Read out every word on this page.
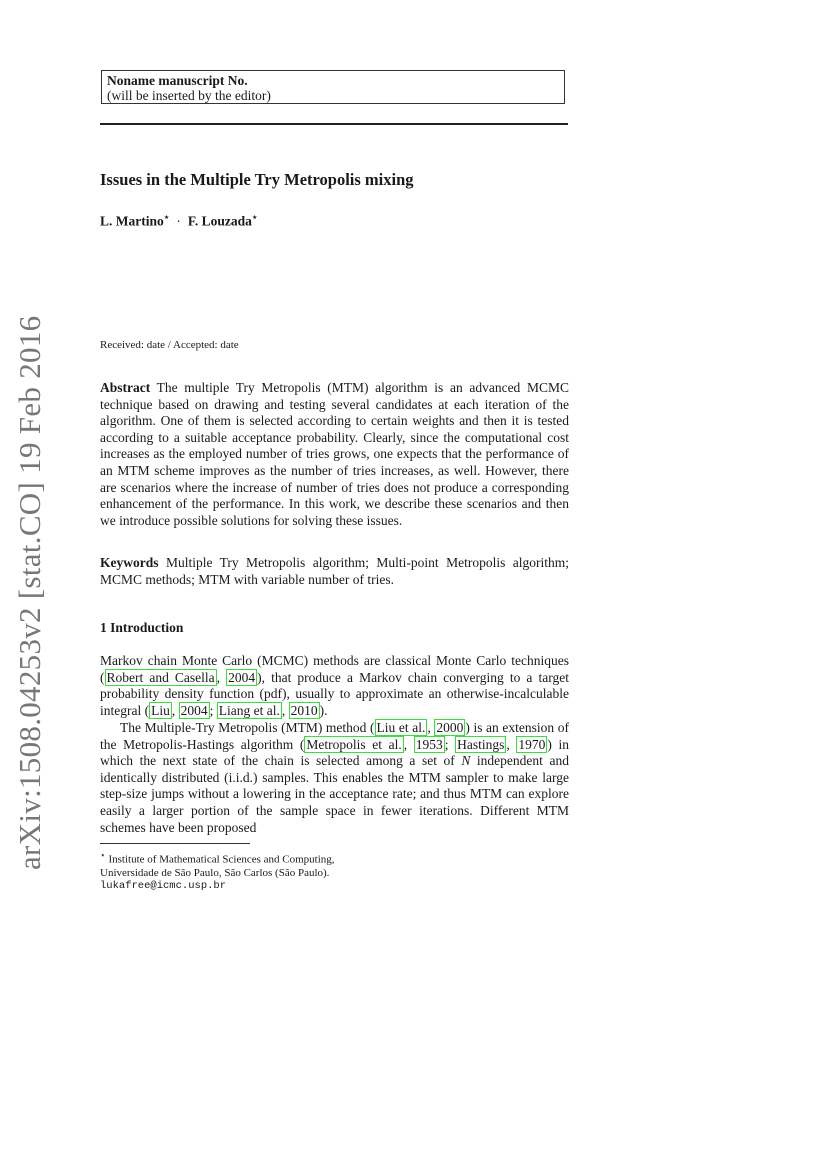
arXiv:1508.04253v2 [stat.CO] 19 Feb 2016
Noname manuscript No.
(will be inserted by the editor)
Issues in the Multiple Try Metropolis mixing
L. Martino⋆ · F. Louzada⋆
Received: date / Accepted: date

Abstract The multiple Try Metropolis (MTM) algorithm is an advanced MCMC technique based on drawing and testing several candidates at each iteration of the algorithm. One of them is selected according to certain weights and then it is tested according to a suitable acceptance probability. Clearly, since the computational cost increases as the employed number of tries grows, one expects that the performance of an MTM scheme improves as the number of tries increases, as well. However, there are scenarios where the increase of number of tries does not produce a corresponding enhancement of the performance. In this work, we describe these scenarios and then we introduce possible solutions for solving these issues.

Keywords Multiple Try Metropolis algorithm; Multi-point Metropolis algorithm; MCMC methods; MTM with variable number of tries.

1 Introduction

Markov chain Monte Carlo (MCMC) methods are classical Monte Carlo techniques ( Robert and Casella , 2004 ), that produce a Markov chain converging to a target probability density function (pdf), usually to approximate an otherwise-incalculable integral ( Liu , 2004 ; Liang et al. , 2010 ).

The Multiple-Try Metropolis (MTM) method ( Liu et al. , 2000 ) is an extension of the Metropolis-Hastings algorithm ( Metropolis et al. , 1953 ; Hastings , 1970 ) in which the next state of the chain is selected among a set of N independent and identically distributed (i.i.d.) samples. This enables the MTM sampler to make large step-size jumps without a lowering in the acceptance rate; and thus MTM can explore easily a larger portion of the sample space in fewer iterations. Different MTM schemes have been proposed

⋆ Institute of Mathematical Sciences and Computing,
Universidade de São Paulo, São Carlos (São Paulo).
lukafree@icmc.usp.br
